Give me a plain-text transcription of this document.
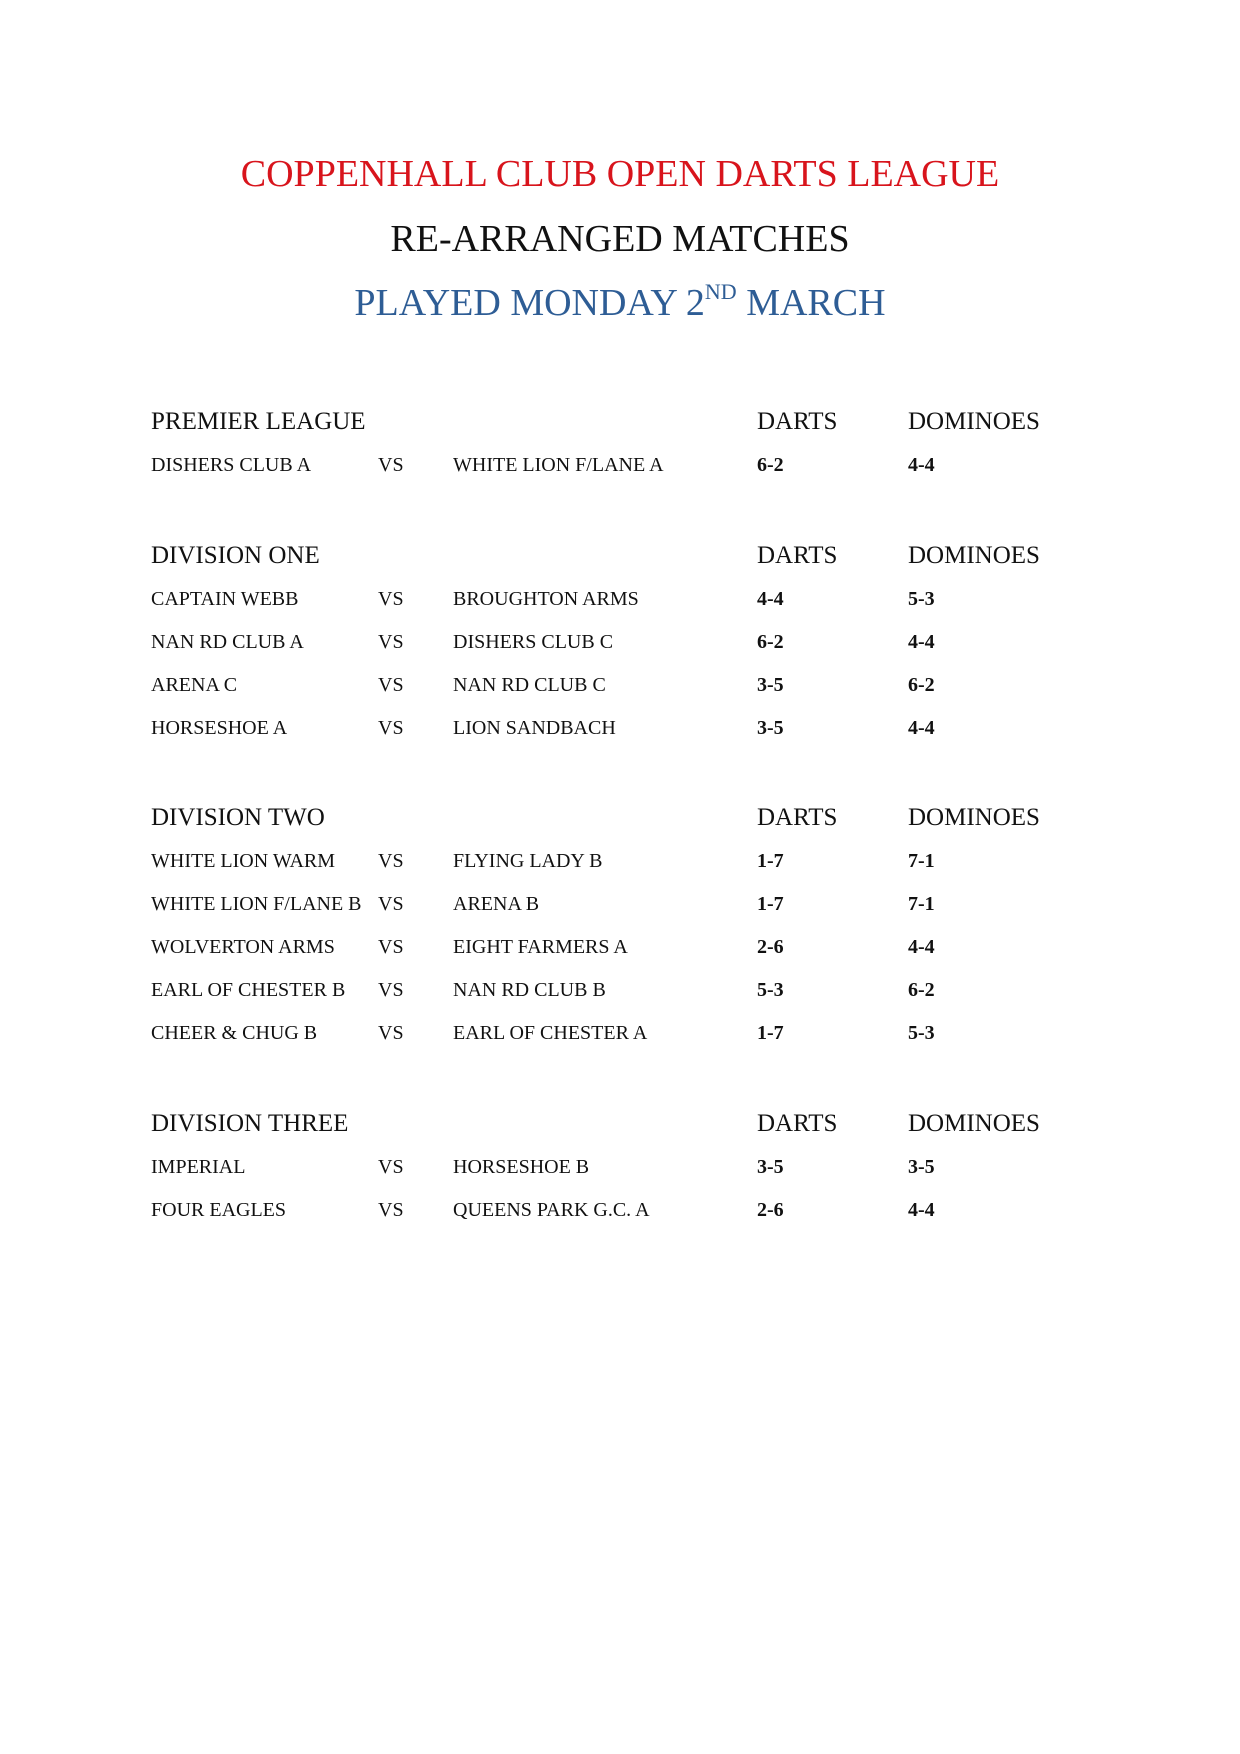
COPPENHALL CLUB OPEN DARTS LEAGUE
RE-ARRANGED MATCHES
PLAYED MONDAY 2ND MARCH
PREMIER LEAGUE	DARTS	DOMINOES
DISHERS CLUB A	VS WHITE LION F/LANE A	6-2	4-4
DIVISION ONE	DARTS	DOMINOES
CAPTAIN WEBB	VS BROUGHTON ARMS	4-4	5-3
NAN RD CLUB A	VS DISHERS CLUB C	6-2	4-4
ARENA C	VS NAN RD CLUB C	3-5	6-2
HORSESHOE A	VS LION SANDBACH	3-5	4-4
DIVISION TWO	DARTS	DOMINOES
WHITE LION WARM VS FLYING LADY B	1-7	7-1
WHITE LION F/LANE B VS ARENA B	1-7	7-1
WOLVERTON ARMS VS EIGHT FARMERS A	2-6	4-4
EARL OF CHESTER B VS NAN RD CLUB B	5-3	6-2
CHEER & CHUG B	VS EARL OF CHESTER A	1-7	5-3
DIVISION THREE	DARTS	DOMINOES
IMPERIAL	VS HORSESHOE B	3-5	3-5
FOUR EAGLES	VS QUEENS PARK G.C. A	2-6	4-4
